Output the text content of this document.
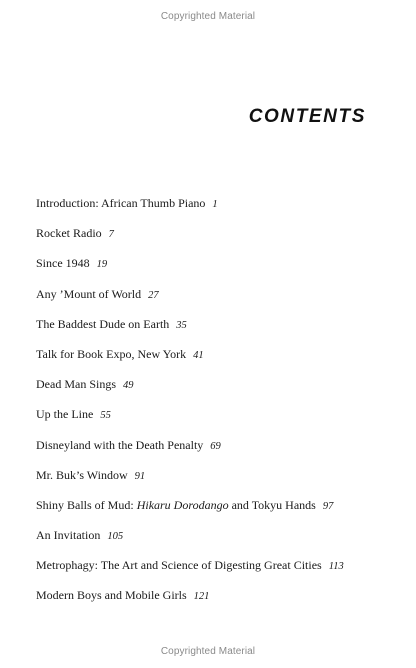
Copyrighted Material
CONTENTS
Introduction: African Thumb Piano 1
Rocket Radio 7
Since 1948 19
Any ’Mount of World 27
The Baddest Dude on Earth 35
Talk for Book Expo, New York 41
Dead Man Sings 49
Up the Line 55
Disneyland with the Death Penalty 69
Mr. Buk’s Window 91
Shiny Balls of Mud: Hikaru Dorodango and Tokyu Hands 97
An Invitation 105
Metrophagy: The Art and Science of Digesting Great Cities 113
Modern Boys and Mobile Girls 121
Copyrighted Material
